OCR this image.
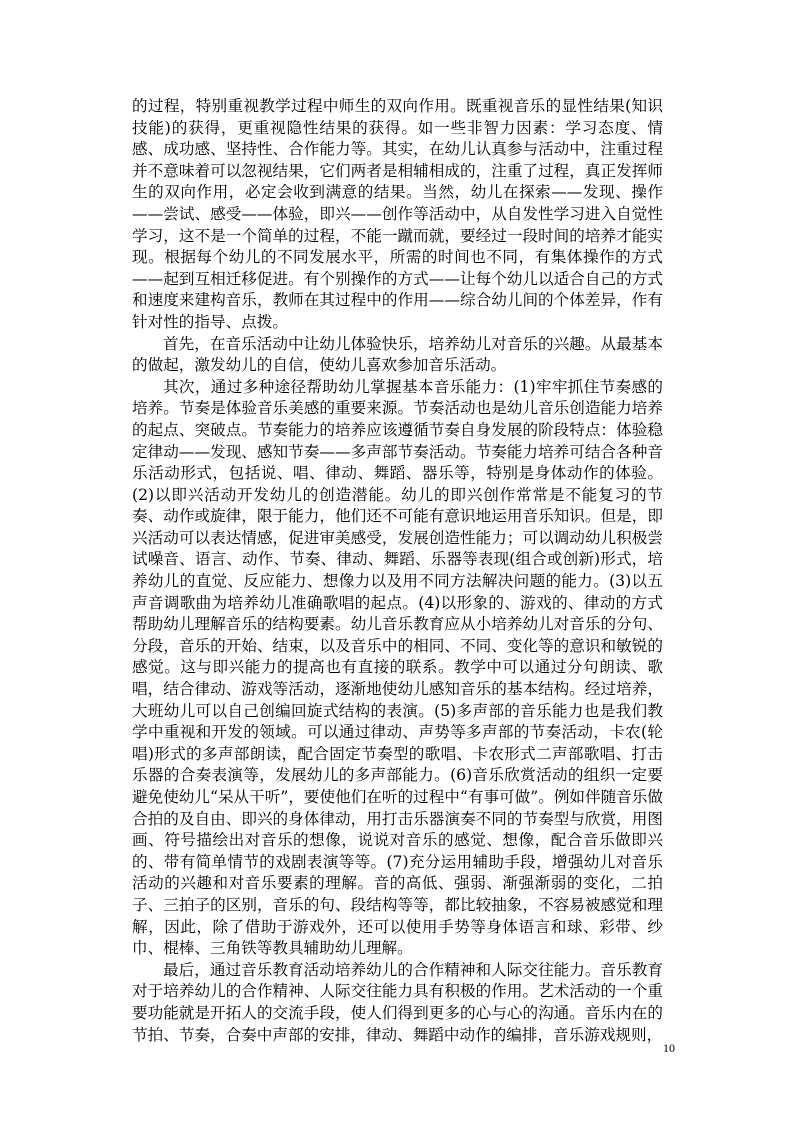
的过程，特别重视教学过程中师生的双向作用。既重视音乐的显性结果(知识技能)的获得，更重视隐性结果的获得。如一些非智力因素：学习态度、情感、成功感、坚持性、合作能力等。其实，在幼儿认真参与活动中，注重过程并不意味着可以忽视结果，它们两者是相辅相成的，注重了过程，真正发挥师生的双向作用，必定会收到满意的结果。当然，幼儿在探索——发现、操作——尝试、感受——体验，即兴——创作等活动中，从自发性学习进入自觉性学习，这不是一个简单的过程，不能一蹴而就，要经过一段时间的培养才能实现。根据每个幼儿的不同发展水平，所需的时间也不同，有集体操作的方式——起到互相迁移促进。有个别操作的方式——让每个幼儿以适合自己的方式和速度来建构音乐，教师在其过程中的作用——综合幼儿间的个体差异，作有针对性的指导、点拨。

首先，在音乐活动中让幼儿体验快乐，培养幼儿对音乐的兴趣。从最基本的做起，激发幼儿的自信，使幼儿喜欢参加音乐活动。

其次，通过多种途径帮助幼儿掌握基本音乐能力：(1)牢牢抓住节奏感的培养。节奏是体验音乐美感的重要来源。节奏活动也是幼儿音乐创造能力培养的起点、突破点。节奏能力的培养应该遵循节奏自身发展的阶段特点：体验稳定律动——发现、感知节奏——多声部节奏活动。节奏能力培养可结合各种音乐活动形式，包括说、唱、律动、舞蹈、器乐等，特别是身体动作的体验。(2)以即兴活动开发幼儿的创造潜能。幼儿的即兴创作常常是不能复习的节奏、动作或旋律，限于能力，他们还不可能有意识地运用音乐知识。但是，即兴活动可以表达情感，促进审美感受，发展创造性能力；可以调动幼儿积极尝试噪音、语言、动作、节奏、律动、舞蹈、乐器等表现(组合或创新)形式，培养幼儿的直觉、反应能力、想像力以及用不同方法解决问题的能力。(3)以五声音调歌曲为培养幼儿准确歌唱的起点。(4)以形象的、游戏的、律动的方式帮助幼儿理解音乐的结构要素。幼儿音乐教育应从小培养幼儿对音乐的分句、分段，音乐的开始、结束，以及音乐中的相同、不同、变化等的意识和敏锐的感觉。这与即兴能力的提高也有直接的联系。教学中可以通过分句朗读、歌唱，结合律动、游戏等活动，逐渐地使幼儿感知音乐的基本结构。经过培养，大班幼儿可以自己创编回旋式结构的表演。(5)多声部的音乐能力也是我们教学中重视和开发的领域。可以通过律动、声势等多声部的节奏活动，卡农(轮唱)形式的多声部朗读，配合固定节奏型的歌唱、卡农形式二声部歌唱、打击乐器的合奏表演等，发展幼儿的多声部能力。(6)音乐欣赏活动的组织一定要避免使幼儿“呆从干听”，要使他们在听的过程中“有事可做”。例如伴随音乐做合拍的及自由、即兴的身体律动，用打击乐器演奏不同的节奏型与欣赏，用图画、符号描绘出对音乐的想像，说说对音乐的感觉、想像，配合音乐做即兴的、带有简单情节的戏剧表演等等。(7)充分运用辅助手段，增强幼儿对音乐活动的兴趣和对音乐要素的理解。音的高低、强弱、渐强渐弱的变化，二拍子、三拍子的区别，音乐的句、段结构等等，都比较抽象，不容易被感觉和理解，因此，除了借助于游戏外，还可以使用手势等身体语言和球、彩带、纱巾、棍棒、三角铁等教具辅助幼儿理解。

最后，通过音乐教育活动培养幼儿的合作精神和人际交往能力。音乐教育对于培养幼儿的合作精神、人际交往能力具有积极的作用。艺术活动的一个重要功能就是开拓人的交流手段，使人们得到更多的心与心的沟通。音乐内在的节拍、节奏，合奏中声部的安排，律动、舞蹈中动作的编排，音乐游戏规则，

10
